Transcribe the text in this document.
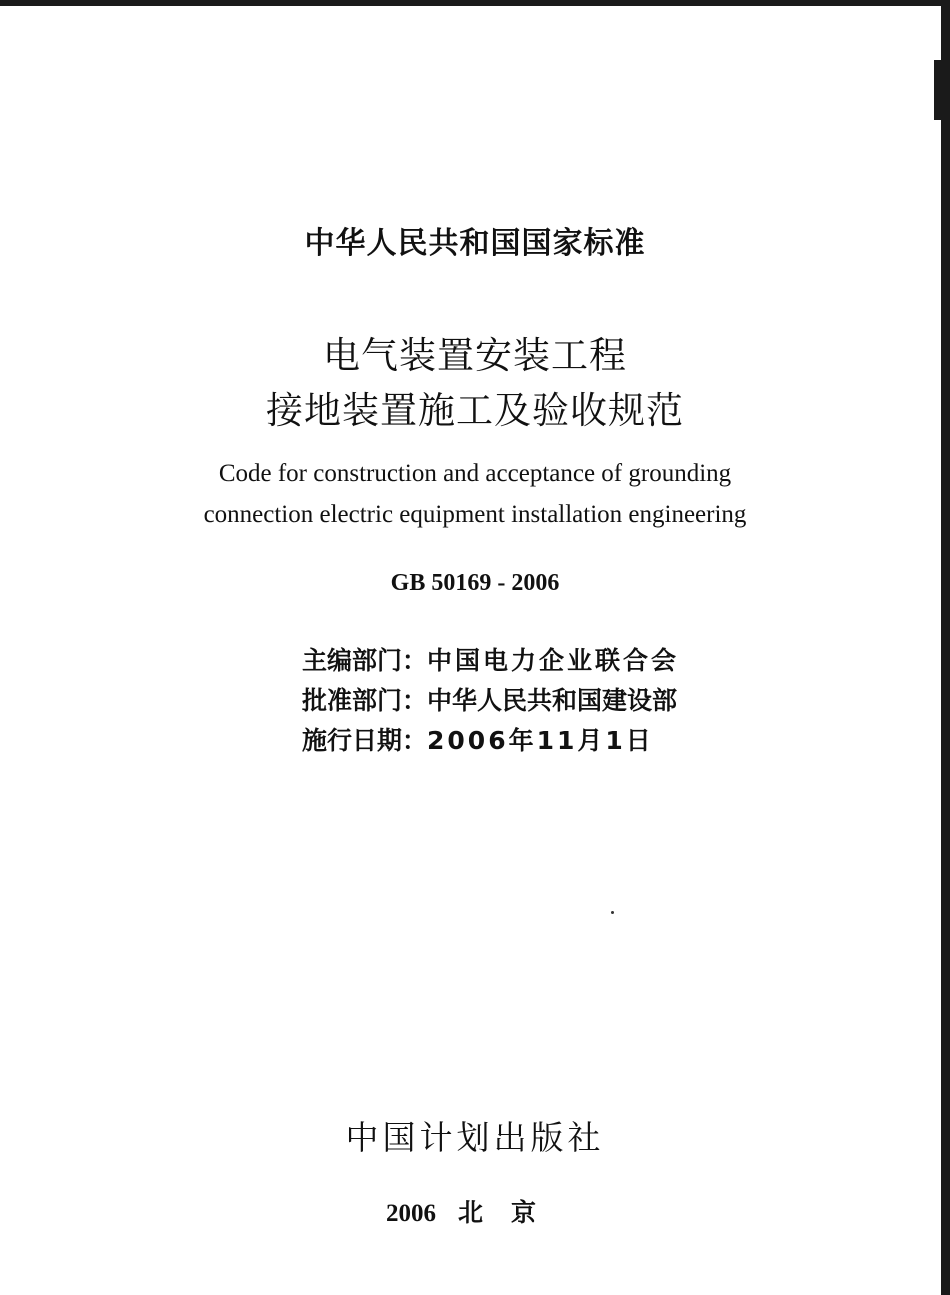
中华人民共和国国家标准
电气装置安装工程
接地装置施工及验收规范
Code for construction and acceptance of grounding
connection electric equipment installation engineering
GB 50169 - 2006
主编部门：中国电力企业联合会
批准部门：中华人民共和国建设部
施行日期：2006年11月1日
中国计划出版社
2006 北京
